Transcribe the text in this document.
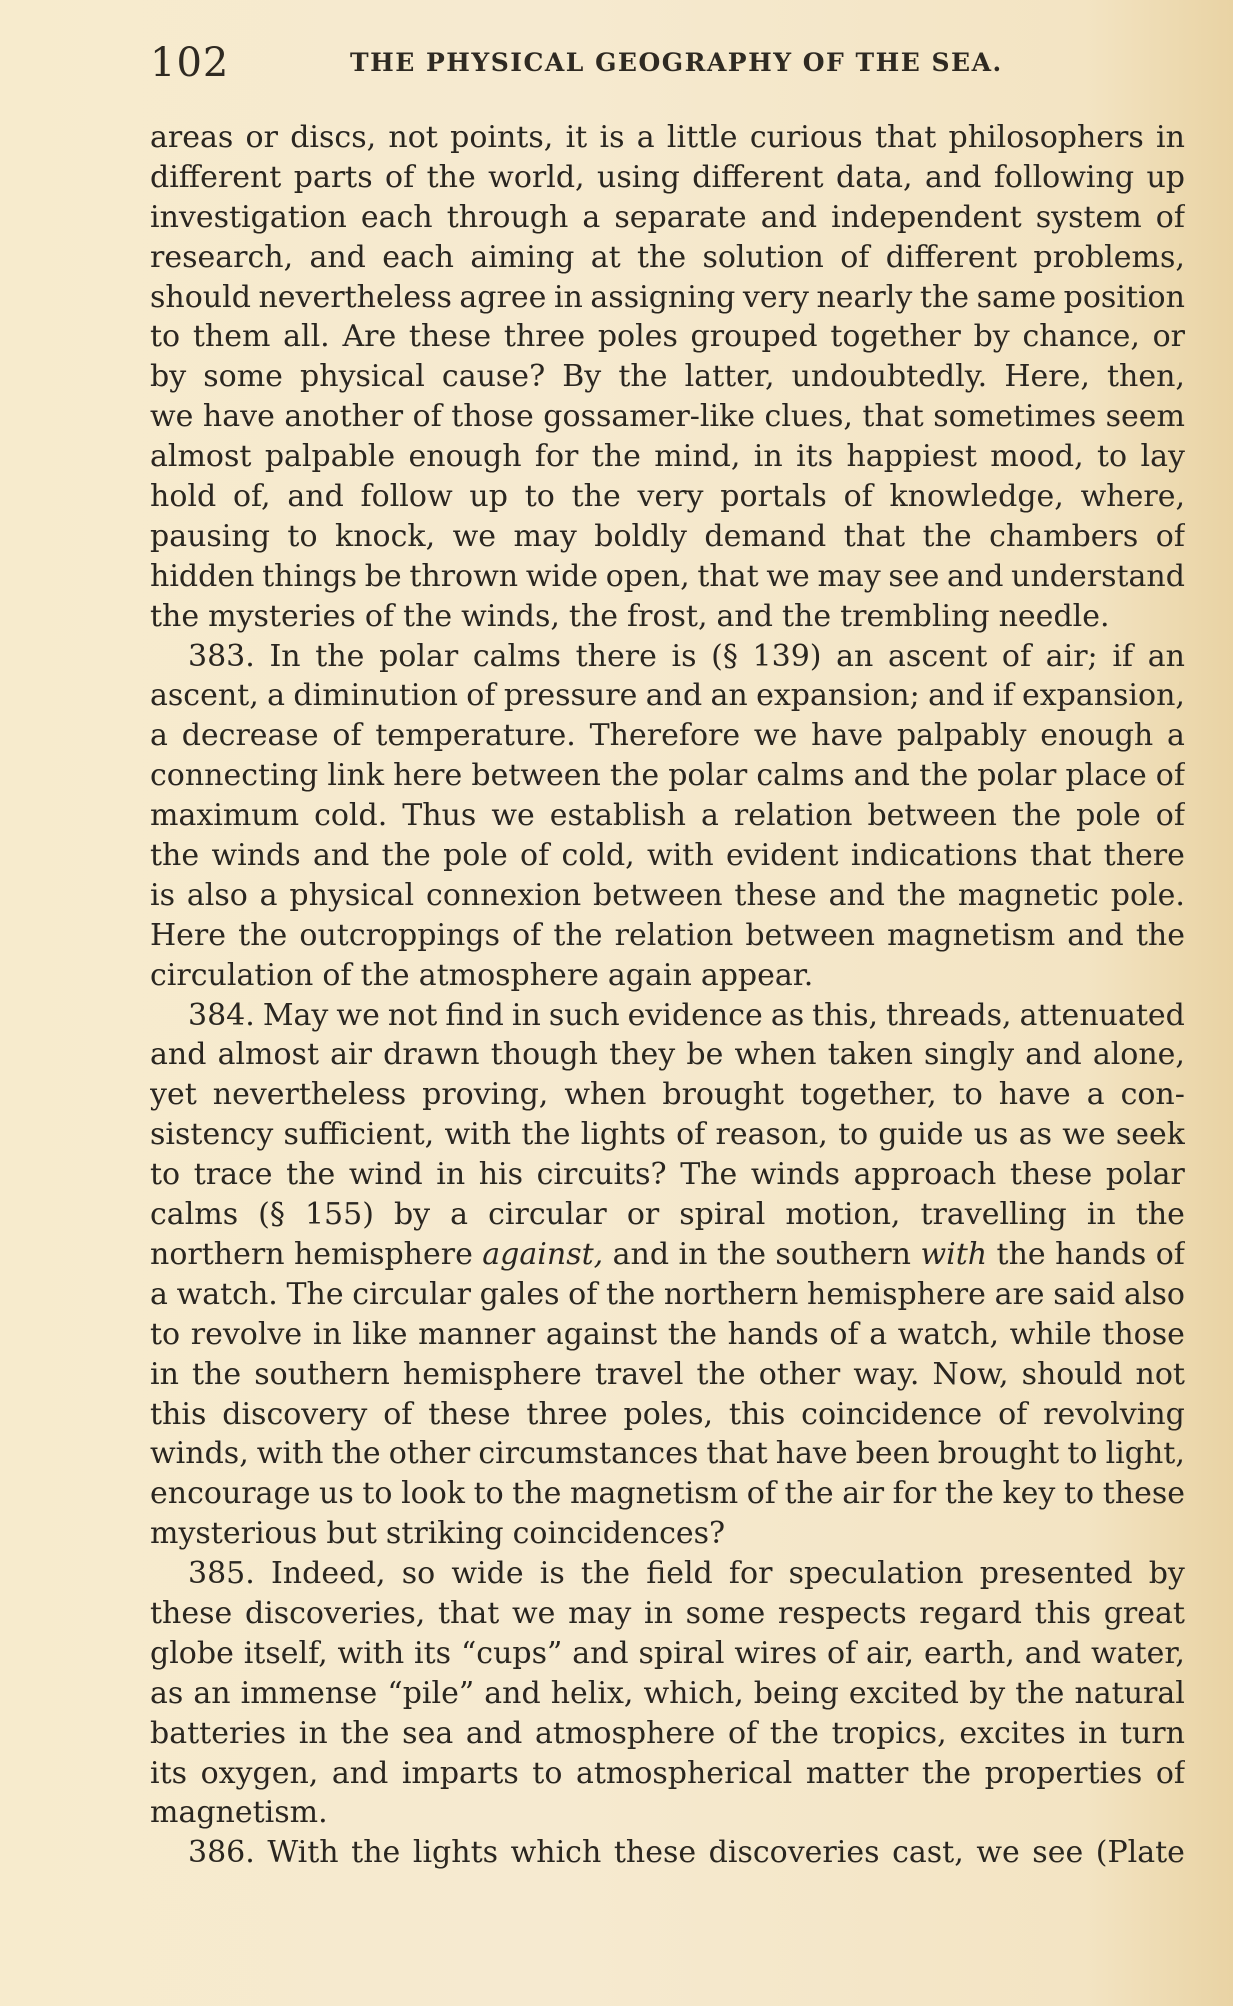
102	THE PHYSICAL GEOGRAPHY OF THE SEA.
areas or discs, not points, it is a little curious that philosophers in
different parts of the world, using different data, and following up
investigation each through a separate and independent system of
research, and each aiming at the solution of different problems,
should nevertheless agree in assigning very nearly the same position
to them all. Are these three poles grouped together by chance, or
by some physical cause? By the latter, undoubtedly. Here, then,
we have another of those gossamer-like clues, that sometimes seem
almost palpable enough for the mind, in its happiest mood, to lay
hold of, and follow up to the very portals of knowledge, where,
pausing to knock, we may boldly demand that the chambers of
hidden things be thrown wide open, that we may see and understand
the mysteries of the winds, the frost, and the trembling needle.
383. In the polar calms there is (§ 139) an ascent of air; if an
ascent, a diminution of pressure and an expansion; and if expansion,
a decrease of temperature. Therefore we have palpably enough a
connecting link here between the polar calms and the polar place of
maximum cold. Thus we establish a relation between the pole of
the winds and the pole of cold, with evident indications that there
is also a physical connexion between these and the magnetic pole.
Here the outcroppings of the relation between magnetism and the
circulation of the atmosphere again appear.
384. May we not find in such evidence as this, threads, attenuated
and almost air drawn though they be when taken singly and alone,
yet nevertheless proving, when brought together, to have a con-
sistency sufficient, with the lights of reason, to guide us as we seek
to trace the wind in his circuits? The winds approach these polar
calms (§ 155) by a circular or spiral motion, travelling in the
northern hemisphere against, and in the southern with the hands of
a watch. The circular gales of the northern hemisphere are said also
to revolve in like manner against the hands of a watch, while those
in the southern hemisphere travel the other way. Now, should not
this discovery of these three poles, this coincidence of revolving
winds, with the other circumstances that have been brought to light,
encourage us to look to the magnetism of the air for the key to these
mysterious but striking coincidences?
385. Indeed, so wide is the field for speculation presented by
these discoveries, that we may in some respects regard this great
globe itself, with its “cups” and spiral wires of air, earth, and water,
as an immense “pile” and helix, which, being excited by the natural
batteries in the sea and atmosphere of the tropics, excites in turn
its oxygen, and imparts to atmospherical matter the properties of
magnetism.
386. With the lights which these discoveries cast, we see (Plate
